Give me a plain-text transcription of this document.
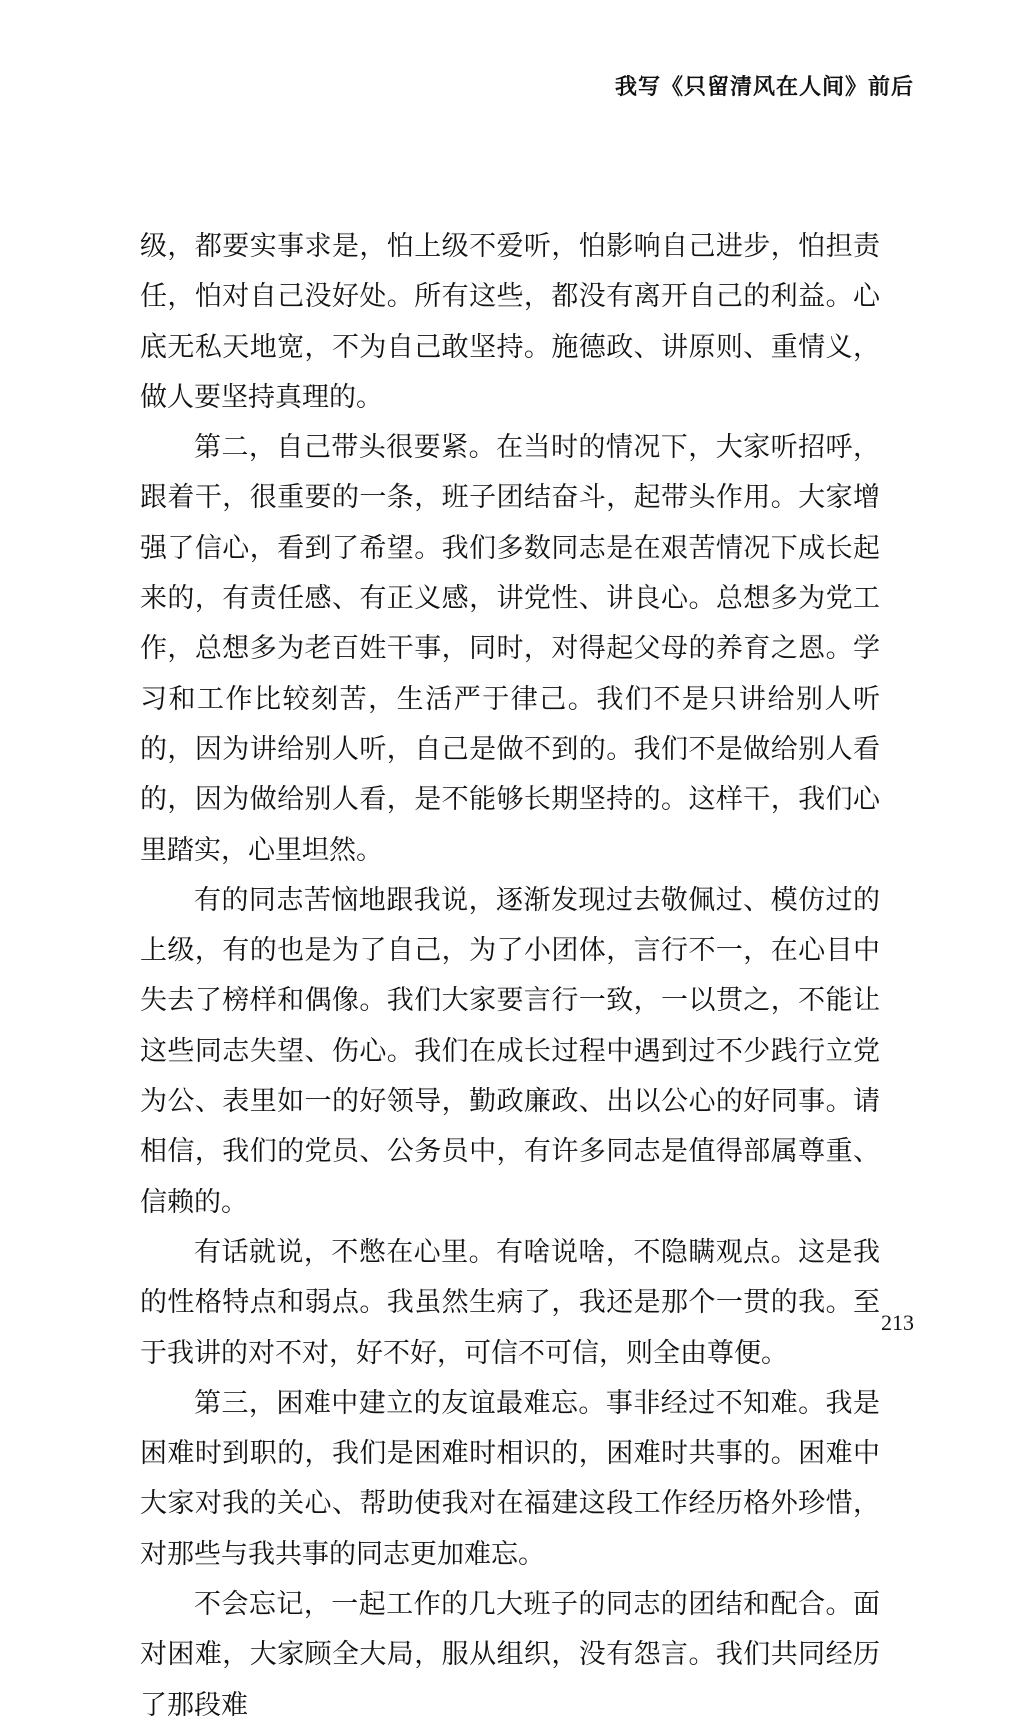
我写《只留清风在人间》前后

级，都要实事求是，怕上级不爱听，怕影响自己进步，怕担责任，怕对自己没好处。所有这些，都没有离开自己的利益。心底无私天地宽，不为自己敢坚持。施德政、讲原则、重情义，做人要坚持真理的。

第二，自己带头很要紧。在当时的情况下，大家听招呼，跟着干，很重要的一条，班子团结奋斗，起带头作用。大家增强了信心，看到了希望。我们多数同志是在艰苦情况下成长起来的，有责任感、有正义感，讲党性、讲良心。总想多为党工作，总想多为老百姓干事，同时，对得起父母的养育之恩。学习和工作比较刻苦，生活严于律己。我们不是只讲给别人听的，因为讲给别人听，自己是做不到的。我们不是做给别人看的，因为做给别人看，是不能够长期坚持的。这样干，我们心里踏实，心里坦然。

有的同志苦恼地跟我说，逐渐发现过去敬佩过、模仿过的上级，有的也是为了自己，为了小团体，言行不一，在心目中失去了榜样和偶像。我们大家要言行一致，一以贯之，不能让这些同志失望、伤心。我们在成长过程中遇到过不少践行立党为公、表里如一的好领导，勤政廉政、出以公心的好同事。请相信，我们的党员、公务员中，有许多同志是值得部属尊重、信赖的。

有话就说，不憋在心里。有啥说啥，不隐瞒观点。这是我的性格特点和弱点。我虽然生病了，我还是那个一贯的我。至于我讲的对不对，好不好，可信不可信，则全由尊便。

第三，困难中建立的友谊最难忘。事非经过不知难。我是困难时到职的，我们是困难时相识的，困难时共事的。困难中大家对我的关心、帮助使我对在福建这段工作经历格外珍惜，对那些与我共事的同志更加难忘。

不会忘记，一起工作的几大班子的同志的团结和配合。面对困难，大家顾全大局，服从组织，没有怨言。我们共同经历了那段难

213
